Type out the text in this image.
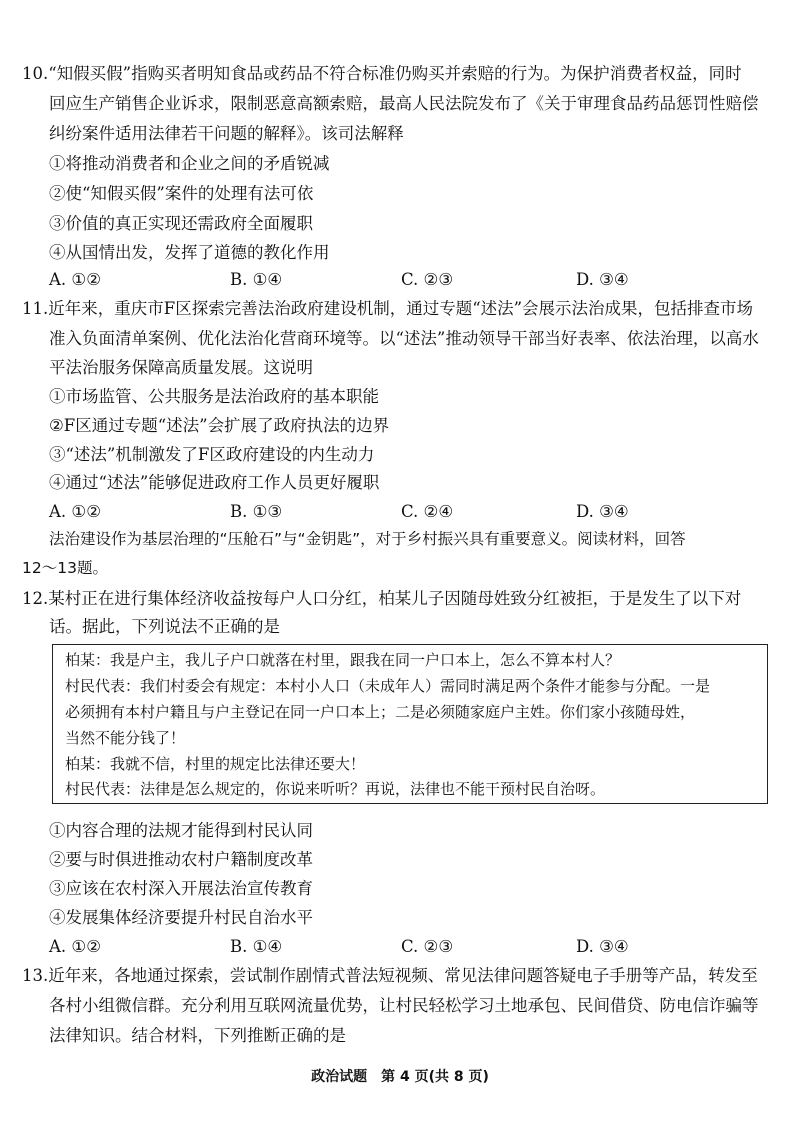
10.“知假买假”指购买者明知食品或药品不符合标准仍购买并索赔的行为。为保护消费者权益，同时
回应生产销售企业诉求，限制恶意高额索赔，最高人民法院发布了《关于审理食品药品惩罚性赔偿
纠纷案件适用法律若干问题的解释》。该司法解释
①将推动消费者和企业之间的矛盾锐减
②使“知假买假”案件的处理有法可依
③价值的真正实现还需政府全面履职
④从国情出发，发挥了道德的教化作用
A. ①②	B. ①④	C. ②③	D. ③④
11.近年来，重庆市F区探索完善法治政府建设机制，通过专题“述法”会展示法治成果，包括排查市场
准入负面清单案例、优化法治化营商环境等。以“述法”推动领导干部当好表率、依法治理，以高水
平法治服务保障高质量发展。这说明
①市场监管、公共服务是法治政府的基本职能
②F区通过专题“述法”会扩展了政府执法的边界
③“述法”机制激发了F区政府建设的内生动力
④通过“述法”能够促进政府工作人员更好履职
A. ①②	B. ①③	C. ②④	D. ③④
法治建设作为基层治理的“压舱石”与“金钥匙”，对于乡村振兴具有重要意义。阅读材料，回答
12～13题。
12.某村正在进行集体经济收益按每户人口分红，柏某儿子因随母姓致分红被拒，于是发生了以下对
话。据此，下列说法不正确的是
柏某：我是户主，我儿子户口就落在村里，跟我在同一户口本上，怎么不算本村人？
村民代表：我们村委会有规定：本村小人口（未成年人）需同时满足两个条件才能参与分配。一是
必须拥有本村户籍且与户主登记在同一户口本上；二是必须随家庭户主姓。你们家小孩随母姓，
当然不能分钱了！
柏某：我就不信，村里的规定比法律还要大！
村民代表：法律是怎么规定的，你说来听听？再说，法律也不能干预村民自治呀。
①内容合理的法规才能得到村民认同
②要与时俱进推动农村户籍制度改革
③应该在农村深入开展法治宣传教育
④发展集体经济要提升村民自治水平
A. ①②	B. ①④	C. ②③	D. ③④
13.近年来，各地通过探索，尝试制作剧情式普法短视频、常见法律问题答疑电子手册等产品，转发至
各村小组微信群。充分利用互联网流量优势，让村民轻松学习土地承包、民间借贷、防电信诈骗等
法律知识。结合材料，下列推断正确的是
政治试题　第 4 页(共 8 页)
